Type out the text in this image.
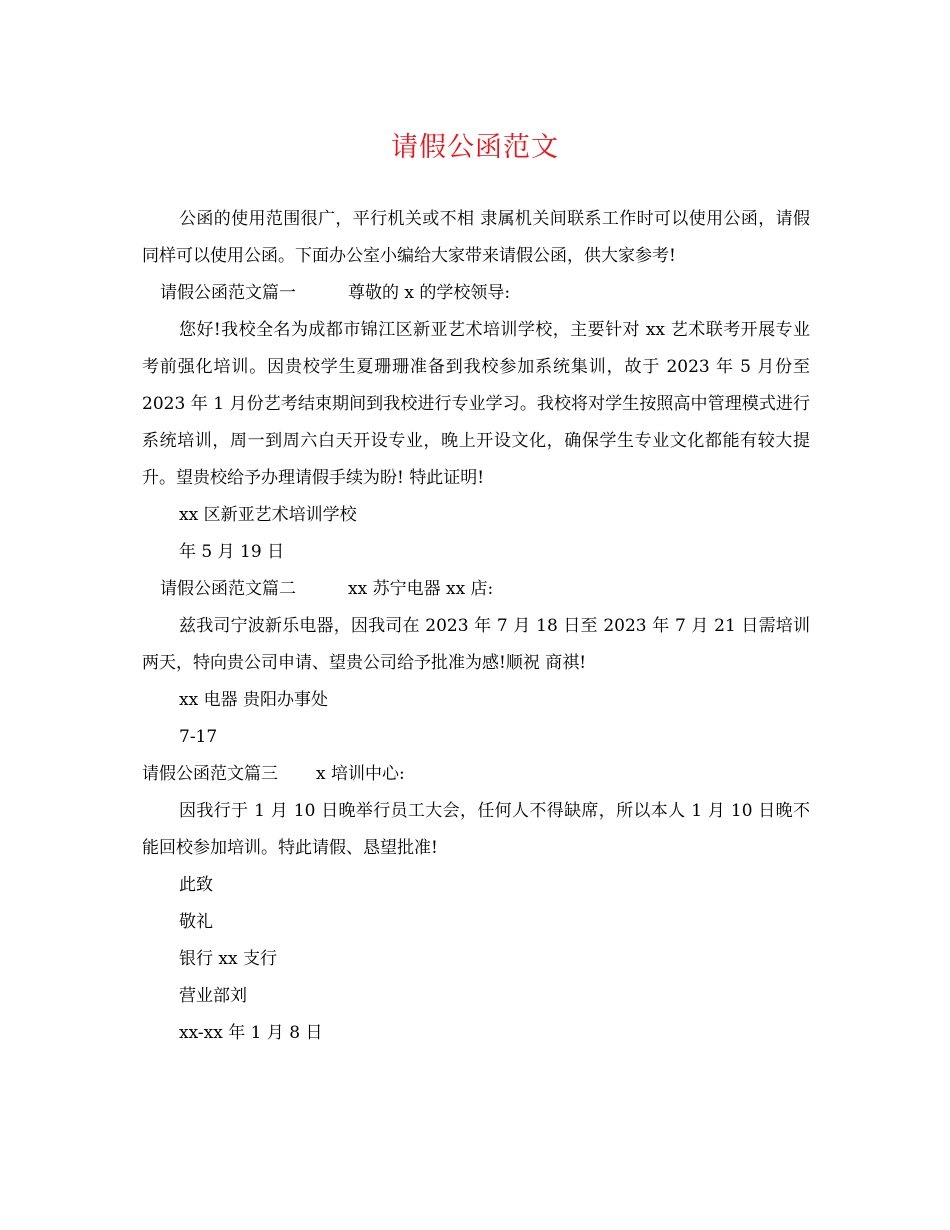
请假公函范文

公函的使用范围很广，平行机关或不相 隶属机关间联系工作时可以使用公函，请假同样可以使用公函。下面办公室小编给大家带来请假公函，供大家参考!

请假公函范文篇一	尊敬的 x 的学校领导:

您好!我校全名为成都市锦江区新亚艺术培训学校，主要针对 xx 艺术联考开展专业考前强化培训。因贵校学生夏珊珊准备到我校参加系统集训，故于 2023 年 5 月份至 2023 年 1 月份艺考结束期间到我校进行专业学习。我校将对学生按照高中管理模式进行系统培训，周一到周六白天开设专业，晚上开设文化，确保学生专业文化都能有较大提升。望贵校给予办理请假手续为盼! 特此证明!

xx 区新亚艺术培训学校
年 5 月 19 日
请假公函范文篇二	xx 苏宁电器 xx 店:

兹我司宁波新乐电器，因我司在 2023 年 7 月 18 日至 2023 年 7 月 21 日需培训两天，特向贵公司申请、望贵公司给予批准为感!顺祝 商祺!

xx 电器 贵阳办事处
7-17
请假公函范文篇三 x 培训中心:

因我行于 1 月 10 日晚举行员工大会，任何人不得缺席，所以本人 1 月 10 日晚不能回校参加培训。特此请假、恳望批准!

此致
敬礼
银行 xx 支行
营业部刘
xx-xx 年 1 月 8 日
